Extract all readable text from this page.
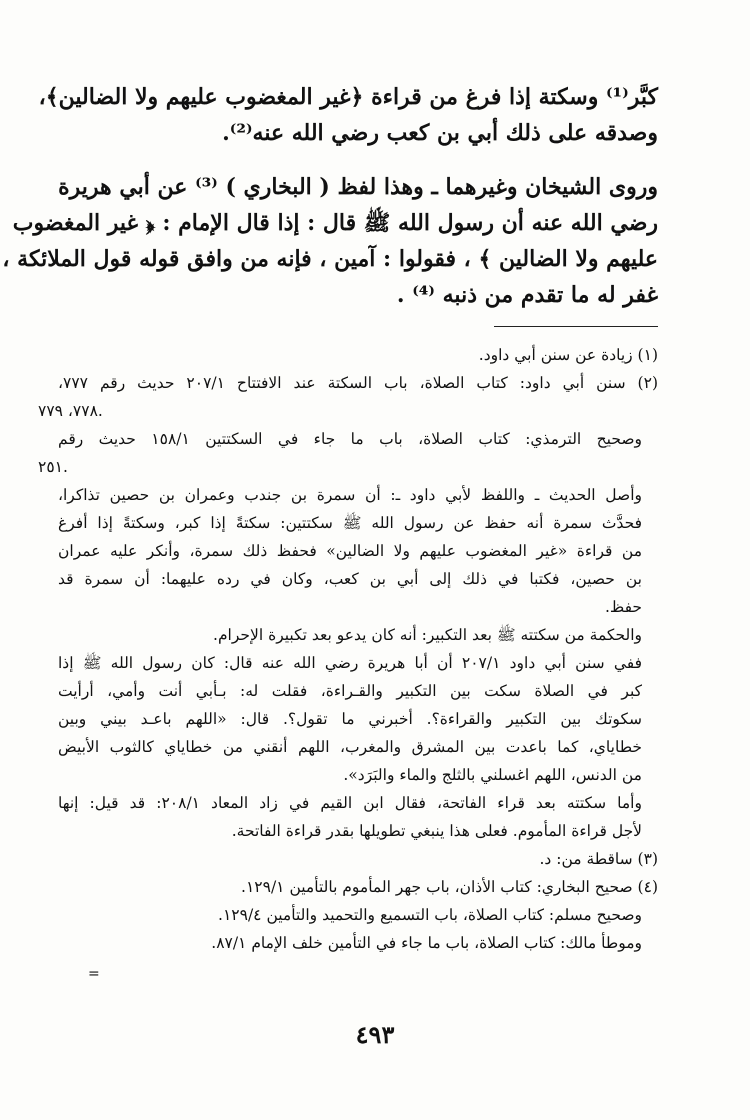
كبَّر⁽¹⁾ وسكتة إذا فرغ من قراءة ﴿غير المغضوب عليهم ولا الضالين﴾،
وصدقه على ذلك أبي بن كعب رضي الله عنه⁽²⁾.
وروى الشيخان وغيرهما ـ وهذا لفظ ( البخاري ) ⁽³⁾ عن أبي هريرة
رضي الله عنه أن رسول الله ﷺ قال : إذا قال الإمام : ﴿ غير المغضوب
عليهم ولا الضالين ﴾ ، فقولوا : آمين ، فإنه من وافق قوله قول الملائكة ،
غفر له ما تقدم من ذنبه ⁽⁴⁾ .
(١) زيادة عن سنن أبي داود.
(٢) سنن أبي داود: كتاب الصلاة، باب السكتة عند الافتتاح ٢٠٧/١ حديث رقم ٧٧٧،
٧٧٨، ٧٧٩.
وصحيح الترمذي: كتاب الصلاة، باب ما جاء في السكتتين ١٥٨/١ حديث رقم
٢٥١.
وأصل الحديث ـ واللفظ لأبي داود ـ: أن سمرة بن جندب وعمران بن حصين تذاكرا،
فحدَّث سمرة أنه حفظ عن رسول الله ﷺ سكتتين: سكتةً إذا كبر، وسكتةً إذا أفرغ
من قراءة «غير المغضوب عليهم ولا الضالين» فحفظ ذلك سمرة، وأنكر عليه عمران
بن حصين، فكتبا في ذلك إلى أبي بن كعب، وكان في رده عليهما: أن سمرة قد
حفظ.
والحكمة من سكتته ﷺ بعد التكبير: أنه كان يدعو بعد تكبيرة الإحرام.
ففي سنن أبي داود ٢٠٧/١ أن أبا هريرة رضي الله عنه قال: كان رسول الله ﷺ إذا
كبر في الصلاة سكت بين التكبير والقـراءة، فقلت له: بـأبي أنت وأمي، أرأيت
سكوتك بين التكبير والقراءة؟. أخبرني ما تقول؟. قال: «اللهم باعـد بيني وبين
خطاياي، كما باعدت بين المشرق والمغرب، اللهم أنقني من خطاياي كالثوب الأبيض
من الدنس، اللهم اغسلني بالثلج والماء والبَرَد».
وأما سكتته بعد قراء الفاتحة، فقال ابن القيم في زاد المعاد ٢٠٨/١: قد قيل: إنها
لأجل قراءة المأموم. فعلى هذا ينبغي تطويلها بقدر قراءة الفاتحة.
(٣) ساقطة من: د.
(٤) صحيح البخاري: كتاب الأذان، باب جهر المأموم بالتأمين ١٢٩/١.
وصحيح مسلم: كتاب الصلاة، باب التسميع والتحميد والتأمين ١٢٩/٤.
وموطأ مالك: كتاب الصلاة، باب ما جاء في التأمين خلف الإمام ٨٧/١.
=
٤٩٣
